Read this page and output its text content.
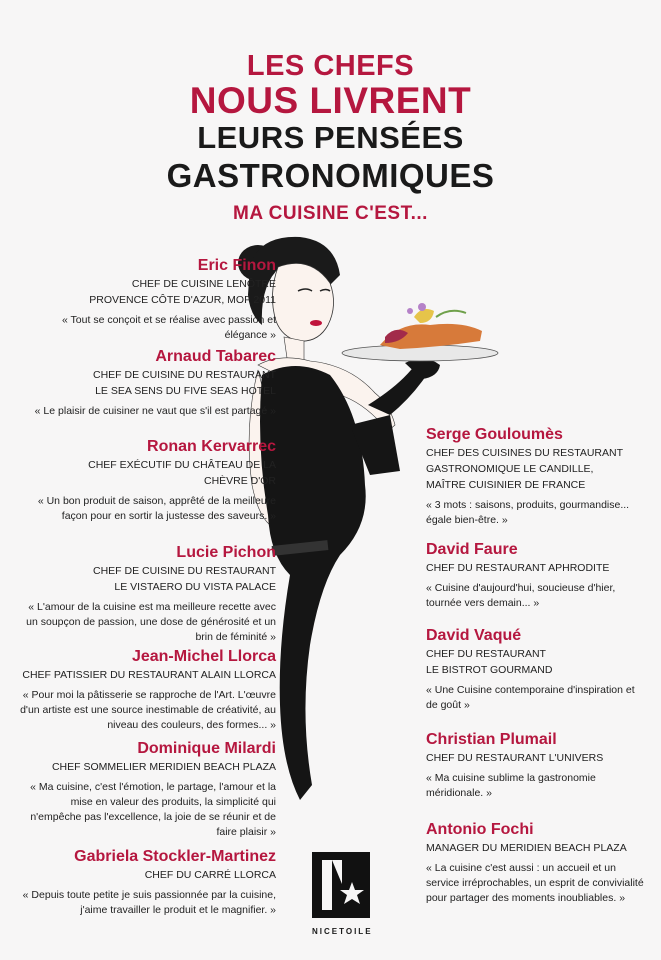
LES CHEFS
NOUS LIVRENT
LEURS PENSÉES
GASTRONOMIQUES
MA CUISINE C'EST...
Eric Finon
CHEF DE CUISINE LENÔTRE
PROVENCE CÔTE D'AZUR, MOF 2011
« Tout se conçoit et se réalise avec passion et élégance »
Arnaud Tabarec
CHEF DE CUISINE DU RESTAURANT
LE SEA SENS DU FIVE SEAS HOTEL
« Le plaisir de cuisiner ne vaut que s'il est partagé »
Ronan Kervarrec
CHEF EXÉCUTIF DU CHÂTEAU DE LA
CHÈVRE D'OR
« Un bon produit de saison, apprêté de la meilleure façon pour en sortir la justesse des saveurs. »
Lucie Pichon
CHEF DE CUISINE DU RESTAURANT
LE VISTAERO DU VISTA PALACE
« L'amour de la cuisine est ma meilleure recette avec un soupçon de passion, une dose de générosité et un brin de féminité »
Jean-Michel Llorca
CHEF PATISSIER DU RESTAURANT ALAIN LLORCA
« Pour moi la pâtisserie se rapproche de l'Art. L'œuvre d'un artiste est une source inestimable de créativité, au niveau des couleurs, des formes... »
Dominique Milardi
CHEF SOMMELIER MERIDIEN BEACH PLAZA
« Ma cuisine, c'est l'émotion, le partage, l'amour et la mise en valeur des produits, la simplicité qui n'empêche pas l'excellence, la joie de se réunir et de faire plaisir »
Gabriela Stockler-Martinez
CHEF DU CARRÉ LLORCA
« Depuis toute petite je suis passionnée par la cuisine, j'aime travailler le produit et le magnifier. »
Serge Gouloumès
CHEF DES CUISINES DU RESTAURANT
GASTRONOMIQUE LE CANDILLE,
MAÎTRE CUISINIER DE FRANCE
« 3 mots : saisons, produits, gourmandise... égale bien-être. »
David Faure
CHEF DU RESTAURANT APHRODITE
« Cuisine d'aujourd'hui, soucieuse d'hier, tournée vers demain... »
David Vaqué
CHEF DU RESTAURANT
LE BISTROT GOURMAND
« Une Cuisine contemporaine d'inspiration et de goût »
Christian Plumail
CHEF DU RESTAURANT L'UNIVERS
« Ma cuisine sublime la gastronomie méridionale. »
Antonio Fochi
MANAGER DU MERIDIEN BEACH PLAZA
« La cuisine c'est aussi : un accueil et un service irréprochables, un esprit de convivialité pour partager des moments inoubliables. »
NICETOILE
